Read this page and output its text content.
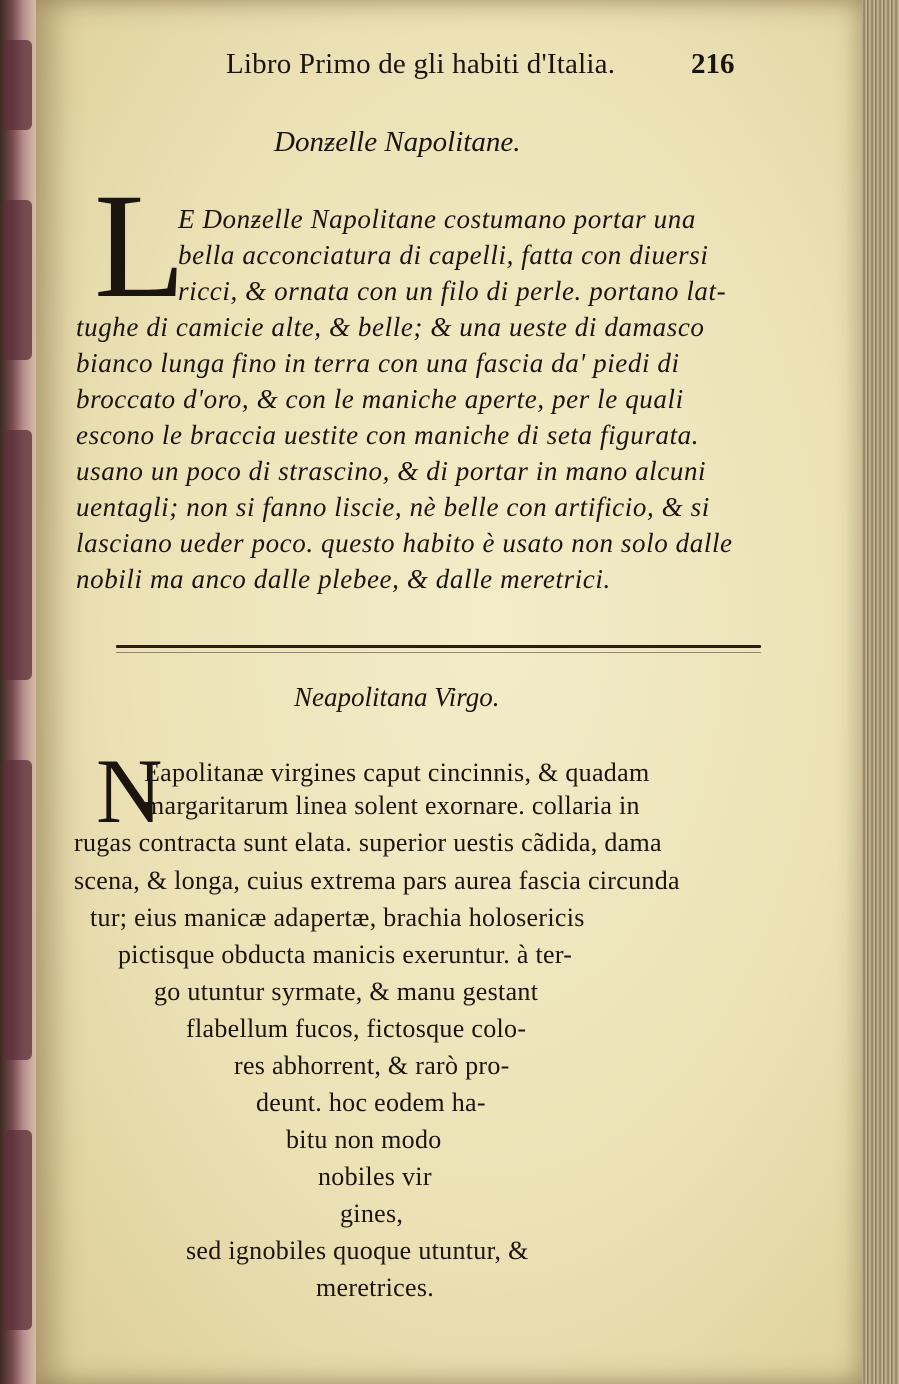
Libro Primo de gli habiti d'Italia.	216
Donƶelle Napolitane.
L
E Donƶelle Napolitane costumano portar una
bella acconciatura di capelli, fatta con diuersi
ricci, & ornata con un filo di perle. portano lat-
tughe di camicie alte, & belle; & una ueste di damasco
bianco lunga fino in terra con una fascia da' piedi di
broccato d'oro, & con le maniche aperte, per le quali
escono le braccia uestite con maniche di seta figurata.
usano un poco di strascino, & di portar in mano alcuni
uentagli; non si fanno liscie, nè belle con artificio, & si
lasciano ueder poco. questo habito è usato non solo dalle
nobili ma anco dalle plebee, & dalle meretrici.
Neapolitana Virgo.
N
Eapolitanæ virgines caput cincinnis, & quadam
margaritarum linea solent exornare. collaria in
rugas contracta sunt elata. superior uestis cãdida, dama
scena, & longa, cuius extrema pars aurea fascia circunda
tur; eius manicæ adapertæ, brachia holosericis
pictisque obducta manicis exeruntur. à ter-
go utuntur syrmate, & manu gestant
flabellum fucos, fictosque colo-
res abhorrent, & rarò pro-
deunt. hoc eodem ha-
bitu non modo
nobiles vir
gines,
sed ignobiles quoque utuntur, &
meretrices.
